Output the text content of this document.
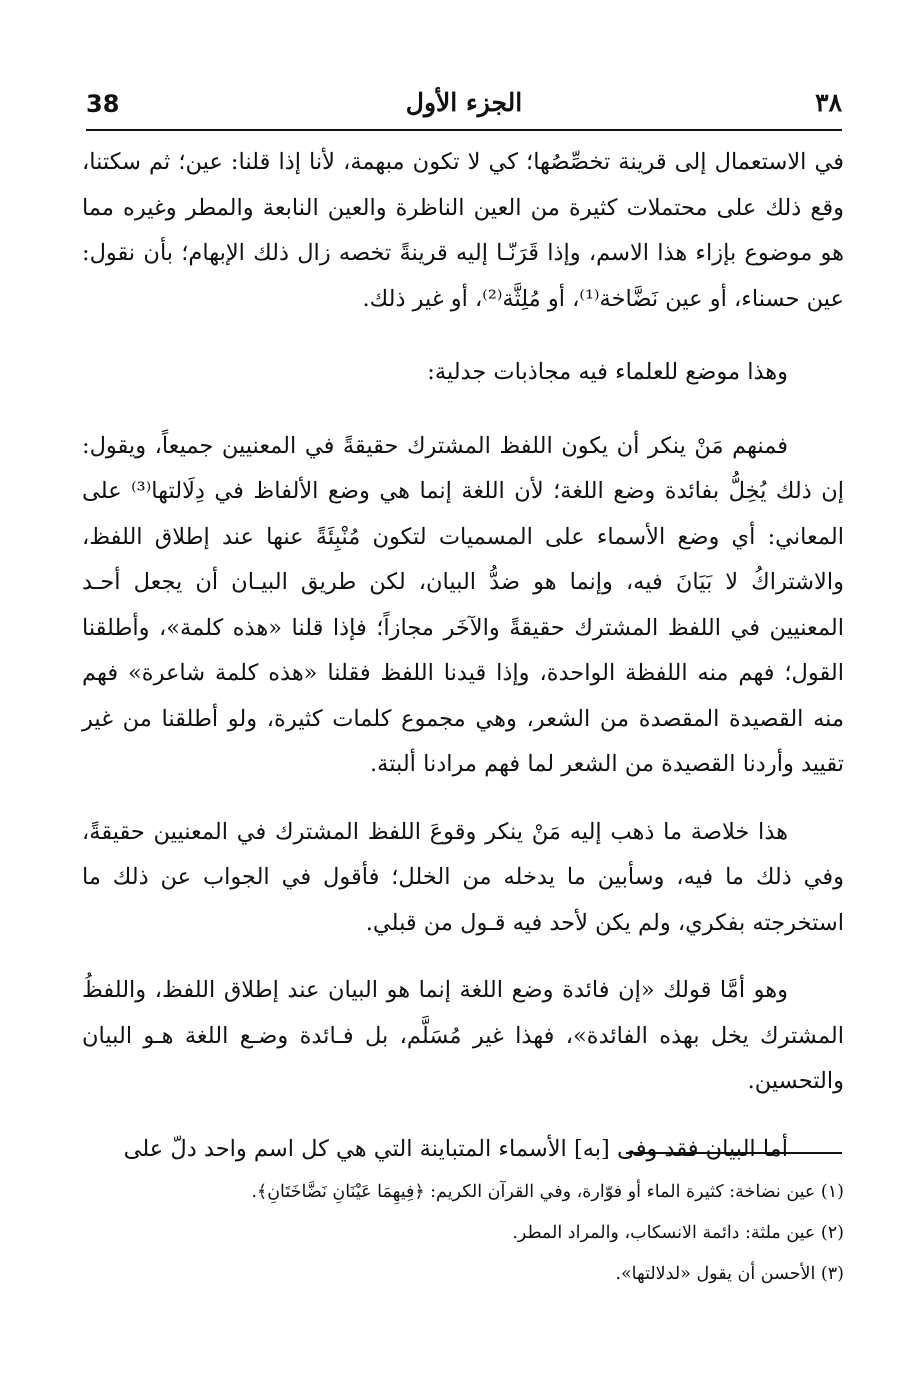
38	الجزء الأول	٣٨

في الاستعمال إلى قرينة تخصِّصُها؛ كي لا تكون مبهمة، لأنا إذا قلنا: عين؛ ثم سكتنا، وقع ذلك على محتملات كثيرة من العين الناظرة والعين النابعة والمطر وغيره مما هو موضوع بإزاء هذا الاسم، وإذا قَرَنّـا إليه قرينةً تخصه زال ذلك الإبهام؛ بأن نقول: عين حسناء، أو عين نَضَّاخة⁽¹⁾، أو مُلِثَّة⁽²⁾، أو غير ذلك.

وهذا موضع للعلماء فيه مجاذبات جدلية:

فمنهم مَنْ ينكر أن يكون اللفظ المشترك حقيقةً في المعنيين جميعاً، ويقول: إن ذلك يُخِلُّ بفائدة وضع اللغة؛ لأن اللغة إنما هي وضع الألفاظ في دِلَالتها⁽³⁾ على المعاني: أي وضع الأسماء على المسميات لتكون مُنْبِئَةً عنها عند إطلاق اللفظ، والاشتراكُ لا بَيَانَ فيه، وإنما هو ضدُّ البيان، لكن طريق البيـان أن يجعل أحـد المعنيين في اللفظ المشترك حقيقةً والآخَر مجازاً؛ فإذا قلنا «هذه كلمة»، وأطلقنا القول؛ فهم منه اللفظة الواحدة، وإذا قيدنا اللفظ فقلنا «هذه كلمة شاعرة» فهم منه القصيدة المقصدة من الشعر، وهي مجموع كلمات كثيرة، ولو أطلقنا من غير تقييد وأردنا القصيدة من الشعر لما فهم مرادنا ألبتة.

هذا خلاصة ما ذهب إليه مَنْ ينكر وقوعَ اللفظ المشترك في المعنيين حقيقةً، وفي ذلك ما فيه، وسأبين ما يدخله من الخلل؛ فأقول في الجواب عن ذلك ما استخرجته بفكري، ولم يكن لأحد فيه قـول من قبلي.

وهو أمَّا قولك «إن فائدة وضع اللغة إنما هو البيان عند إطلاق اللفظ، واللفظُ المشترك يخل بهذه الفائدة»، فهذا غير مُسَلَّم، بل فـائدة وضـع اللغة هـو البيان والتحسين.

أما البيان فقد وفى [به] الأسماء المتباينة التي هي كل اسم واحد دلّ على

(١) عين نضاخة: كثيرة الماء أو فوّارة، وفي القرآن الكريم: ﴿فِيهِمَا عَيْنَانِ نَضَّاخَتَانِ﴾.

(٢) عين ملثة: دائمة الانسكاب، والمراد المطر.

(٣) الأحسن أن يقول «لدلالتها».
